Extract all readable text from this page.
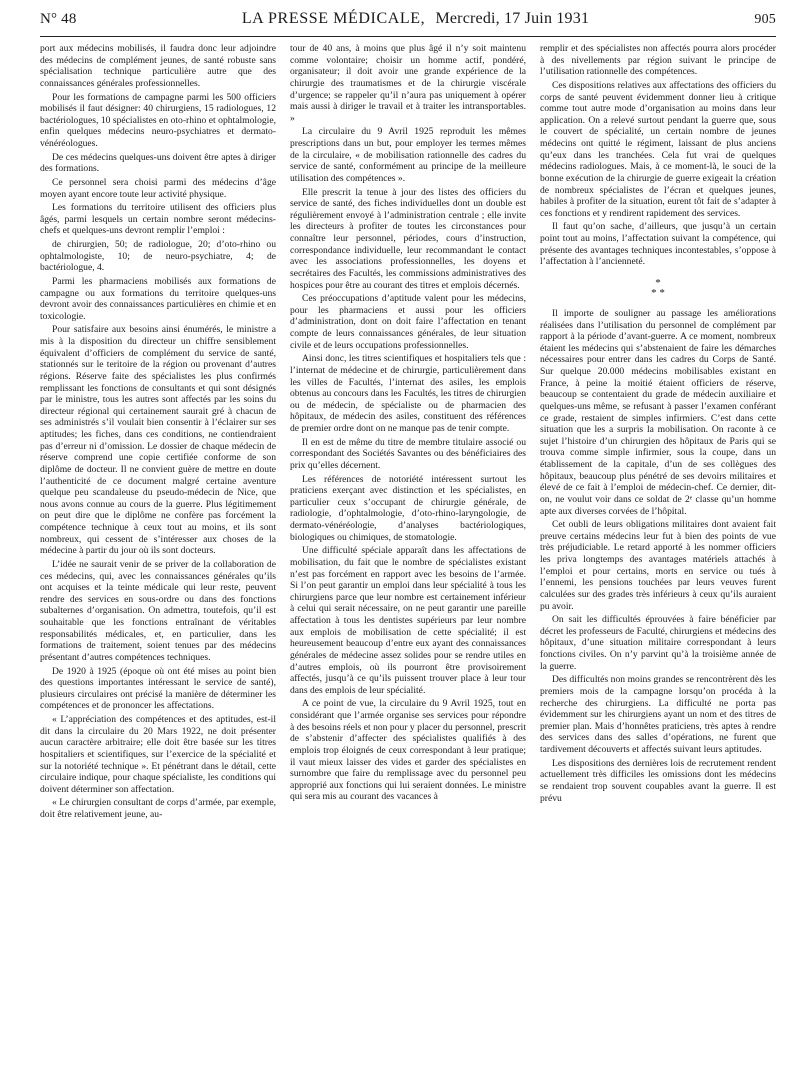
N° 48	LA PRESSE MÉDICALE, Mercredi, 17 Juin 1931	905

port aux médecins mobilisés, il faudra donc leur adjoindre des médecins de complément jeunes, de santé robuste sans spécialisation technique particulière autre que des connaissances générales professionnelles.

Pour les formations de campagne parmi les 500 officiers mobilisés il faut désigner: 40 chirurgiens, 15 radiologues, 12 bactériologues, 10 spécialistes en oto-rhino et ophtalmologie, enfin quelques médecins neuro-psychiatres et dermato-vénéréologues.

De ces médecins quelques-uns doivent être aptes à diriger des formations.

Ce personnel sera choisi parmi des médecins d’âge moyen ayant encore toute leur activité physique.

Les formations du territoire utilisent des officiers plus âgés, parmi lesquels un certain nombre seront médecins-chefs et quelques-uns devront remplir l’emploi :

de chirurgien, 50; de radiologue, 20; d’oto-rhino ou ophtalmologiste, 10; de neuro-psychiatre, 4; de bactériologue, 4.

Parmi les pharmaciens mobilisés aux formations de campagne ou aux formations du territoire quelques-uns devront avoir des connaissances particulières en chimie et en toxicologie.

Pour satisfaire aux besoins ainsi énumérés, le ministre a mis à la disposition du directeur un chiffre sensiblement équivalent d’officiers de complément du service de santé, stationnés sur le teritoire de la région ou provenant d’autres régions. Réserve faite des spécialistes les plus confirmés remplissant les fonctions de consultants et qui sont désignés par le ministre, tous les autres sont affectés par les soins du directeur régional qui certainement saurait gré à chacun de ses administrés s’il voulait bien consentir à l’éclairer sur ses aptitudes; les fiches, dans ces conditions, ne contiendraient pas d’erreur ni d’omission. Le dossier de chaque médecin de réserve comprend une copie certifiée conforme de son diplôme de docteur. Il ne convient guère de mettre en doute l’authenticité de ce document malgré certaine aventure quelque peu scandaleuse du pseudo-médecin de Nice, que nous avons connue au cours de la guerre. Plus légitimement on peut dire que le diplôme ne confère pas forcément la compétence technique à ceux tout au moins, et ils sont nombreux, qui cessent de s’intéresser aux choses de la médecine à partir du jour où ils sont docteurs.

L’idée ne saurait venir de se priver de la collaboration de ces médecins, qui, avec les connaissances générales qu’ils ont acquises et la teinte médicale qui leur reste, peuvent rendre des services en sous-ordre ou dans des fonctions subalternes d’organisation. On admettra, toutefois, qu’il est souhaitable que les fonctions entraînant de véritables responsabilités médicales, et, en particulier, dans les formations de traitement, soient tenues par des médecins présentant d’autres compétences techniques.

De 1920 à 1925 (époque où ont été mises au point bien des questions importantes intéressant le service de santé), plusieurs circulaires ont précisé la manière de déterminer les compétences et de prononcer les affectations.

« L’appréciation des compétences et des aptitudes, est-il dit dans la circulaire du 20 Mars 1922, ne doit présenter aucun caractère arbitraire; elle doit être basée sur les titres hospitaliers et scientifiques, sur l’exercice de la spécialité et sur la notoriété technique ». Et pénétrant dans le détail, cette circulaire indique, pour chaque spécialiste, les conditions qui doivent déterminer son affectation.

« Le chirurgien consultant de corps d’armée, par exemple, doit être relativement jeune, au-

tour de 40 ans, à moins que plus âgé il n’y soit maintenu comme volontaire; choisir un homme actif, pondéré, organisateur; il doit avoir une grande expérience de la chirurgie des traumatismes et de la chirurgie viscérale d’urgence; se rappeler qu’il n’aura pas uniquement à opérer mais aussi à diriger le travail et à traiter les intransportables. »

La circulaire du 9 Avril 1925 reproduit les mêmes prescriptions dans un but, pour employer les termes mêmes de la circulaire, « de mobilisation rationnelle des cadres du service de santé, conformément au principe de la meilleure utilisation des compétences ».

Elle prescrit la tenue à jour des listes des officiers du service de santé, des fiches individuelles dont un double est régulièrement envoyé à l’administration centrale ; elle invite les directeurs à profiter de toutes les circonstances pour connaître leur personnel, périodes, cours d’instruction, correspondance individuelle, leur recommandant le contact avec les associations professionnelles, les doyens et secrétaires des Facultés, les commissions administratives des hospices pour être au courant des titres et emplois décernés.

Ces préoccupations d’aptitude valent pour les médecins, pour les pharmaciens et aussi pour les officiers d’administration, dont on doit faire l’affectation en tenant compte de leurs connaissances générales, de leur situation civile et de leurs occupations professionnelles.

Ainsi donc, les titres scientifiques et hospitaliers tels que : l’internat de médecine et de chirurgie, particulièrement dans les villes de Facultés, l’internat des asiles, les emplois obtenus au concours dans les Facultés, les titres de chirurgien ou de médecin, de spécialiste ou de pharmacien des hôpitaux, de médecin des asiles, constituent des références de premier ordre dont on ne manque pas de tenir compte.

Il en est de même du titre de membre titulaire associé ou correspondant des Sociétés Savantes ou des bénéficiaires des prix qu’elles décernent.

Les références de notoriété intéressent surtout les praticiens exerçant avec distinction et les spécialistes, en particulier ceux s’occupant de chirurgie générale, de radiologie, d’ophtalmologie, d’oto-rhino-laryngologie, de dermato-vénéréologie, d’analyses bactériologiques, biologiques ou chimiques, de stomatologie.

Une difficulté spéciale apparaît dans les affectations de mobilisation, du fait que le nombre de spécialistes existant n’est pas forcément en rapport avec les besoins de l’armée. Si l’on peut garantir un emploi dans leur spécialité à tous les chirurgiens parce que leur nombre est certainement inférieur à celui qui serait nécessaire, on ne peut garantir une pareille affectation à tous les dentistes supérieurs par leur nombre aux emplois de mobilisation de cette spécialité; il est heureusement beaucoup d’entre eux ayant des connaissances générales de médecine assez solides pour se rendre utiles en d’autres emplois, où ils pourront être provisoirement affectés, jusqu’à ce qu’ils puissent trouver place à leur tour dans des emplois de leur spécialité.

A ce point de vue, la circulaire du 9 Avril 1925, tout en considérant que l’armée organise ses services pour répondre à des besoins réels et non pour y placer du personnel, prescrit de s’abstenir d’affecter des spécialistes qualifiés à des emplois trop éloignés de ceux correspondant à leur pratique; il vaut mieux laisser des vides et garder des spécialistes en surnombre que faire du remplissage avec du personnel peu approprié aux fonctions qui lui seraient données. Le ministre qui sera mis au courant des vacances à

remplir et des spécialistes non affectés pourra alors procéder à des nivellements par région suivant le principe de l’utilisation rationnelle des compétences.

Ces dispositions relatives aux affectations des officiers du corps de santé peuvent évidemment donner lieu à critique comme tout autre mode d’organisation au moins dans leur application. On a relevé surtout pendant la guerre que, sous le couvert de spécialité, un certain nombre de jeunes médecins ont quitté le régiment, laissant de plus anciens qu’eux dans les tranchées. Cela fut vrai de quelques médecins radiologues. Mais, à ce moment-là, le souci de la bonne exécution de la chirurgie de guerre exigeait la création de nombreux spécialistes de l’écran et quelques jeunes, habiles à profiter de la situation, eurent tôt fait de s’adapter à ces fonctions et y rendirent rapidement des services.

Il faut qu’on sache, d’ailleurs, que jusqu’à un certain point tout au moins, l’affectation suivant la compétence, qui présente des avantages techniques incontestables, s’oppose à l’affectation à l’ancienneté.

*
* *

Il importe de souligner au passage les améliorations réalisées dans l’utilisation du personnel de complément par rapport à la période d’avant-guerre. A ce moment, nombreux étaient les médecins qui s’abstenaient de faire les démarches nécessaires pour entrer dans les cadres du Corps de Santé. Sur quelque 20.000 médecins mobilisables existant en France, à peine la moitié étaient officiers de réserve, beaucoup se contentaient du grade de médecin auxiliaire et quelques-uns même, se refusant à passer l’examen conférant ce grade, restaient de simples infirmiers. C’est dans cette situation que les a surpris la mobilisation. On raconte à ce sujet l’histoire d’un chirurgien des hôpitaux de Paris qui se trouva comme simple infirmier, sous la coupe, dans un établissement de la capitale, d’un de ses collègues des hôpitaux, beaucoup plus pénétré de ses devoirs militaires et élevé de ce fait à l’emploi de médecin-chef. Ce dernier, dit-on, ne voulut voir dans ce soldat de 2ᵉ classe qu’un homme apte aux diverses corvées de l’hôpital.

Cet oubli de leurs obligations militaires dont avaient fait preuve certains médecins leur fut à bien des points de vue très préjudiciable. Le retard apporté à les nommer officiers les priva longtemps des avantages matériels attachés à l’emploi et pour certains, morts en service ou tués à l’ennemi, les pensions touchées par leurs veuves furent calculées sur des grades très inférieurs à ceux qu’ils auraient pu avoir.

On sait les difficultés éprouvées à faire bénéficier par décret les professeurs de Faculté, chirurgiens et médecins des hôpitaux, d’une situation militaire correspondant à leurs fonctions civiles. On n’y parvint qu’à la troisième année de la guerre.

Des difficultés non moins grandes se rencontrèrent dès les premiers mois de la campagne lorsqu’on procéda à la recherche des chirurgiens. La difficulté ne porta pas évidemment sur les chirurgiens ayant un nom et des titres de premier plan. Mais d’honnêtes praticiens, très aptes à rendre des services dans des salles d’opérations, ne furent que tardivement découverts et affectés suivant leurs aptitudes.

Les dispositions des dernières lois de recrutement rendent actuellement très difficiles les omissions dont les médecins se rendaient trop souvent coupables avant la guerre. Il est prévu
